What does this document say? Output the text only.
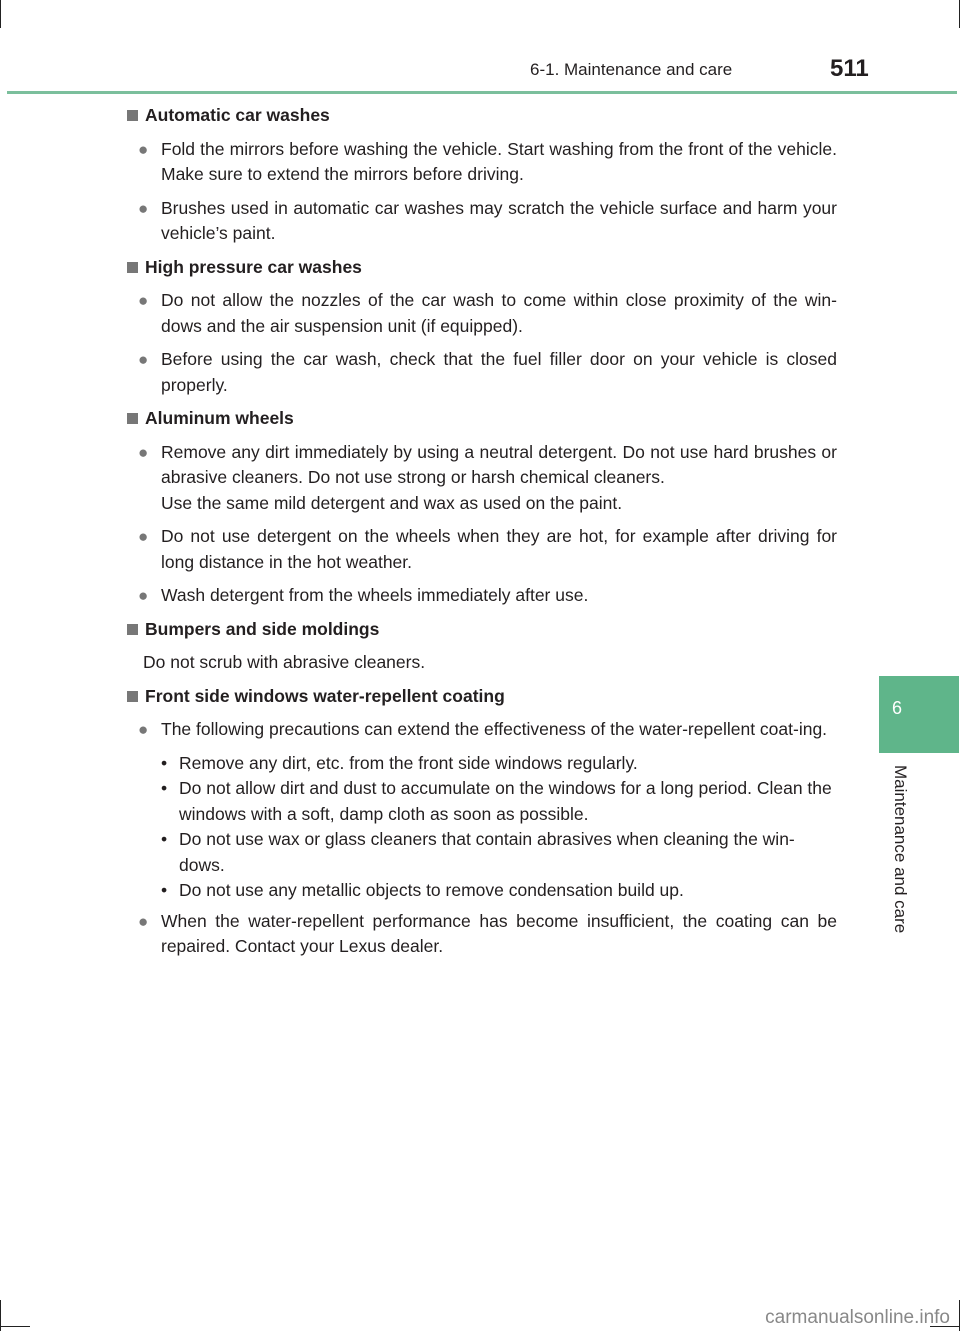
6-1. Maintenance and care	511
6
Maintenance and care
Automatic car washes
● Fold the mirrors before washing the vehicle. Start washing from the front of the vehicle. Make sure to extend the mirrors before driving.
● Brushes used in automatic car washes may scratch the vehicle surface and harm your vehicle’s paint.
High pressure car washes
● Do not allow the nozzles of the car wash to come within close proximity of the win-dows and the air suspension unit (if equipped).
● Before using the car wash, check that the fuel filler door on your vehicle is closed properly.
Aluminum wheels
● Remove any dirt immediately by using a neutral detergent. Do not use hard brushes or abrasive cleaners. Do not use strong or harsh chemical cleaners.
Use the same mild detergent and wax as used on the paint.
● Do not use detergent on the wheels when they are hot, for example after driving for long distance in the hot weather.
● Wash detergent from the wheels immediately after use.
Bumpers and side moldings
Do not scrub with abrasive cleaners.
Front side windows water-repellent coating
● The following precautions can extend the effectiveness of the water-repellent coat-ing.
• Remove any dirt, etc. from the front side windows regularly.
• Do not allow dirt and dust to accumulate on the windows for a long period. Clean the windows with a soft, damp cloth as soon as possible.
• Do not use wax or glass cleaners that contain abrasives when cleaning the win-dows.
• Do not use any metallic objects to remove condensation build up.
● When the water-repellent performance has become insufficient, the coating can be repaired. Contact your Lexus dealer.
carmanualsonline.info
